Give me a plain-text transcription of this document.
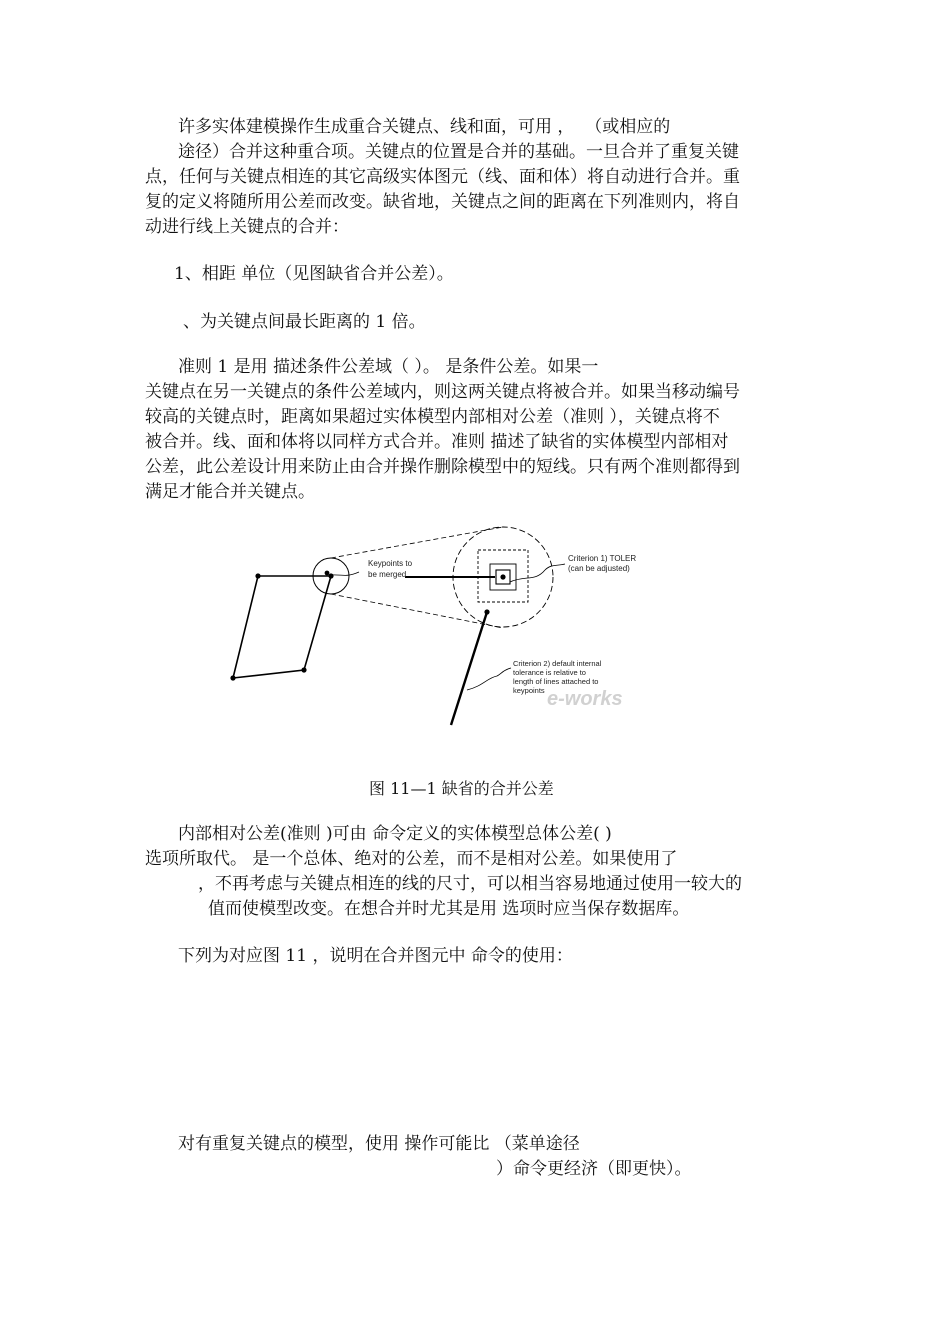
许多实体建模操作生成重合关键点、线和面，可用 ，  （或相应的
途径）合并这种重合项。关键点的位置是合并的基础。一旦合并了重复关键
点，任何与关键点相连的其它高级实体图元（线、面和体）将自动进行合并。重
复的定义将随所用公差而改变。缺省地，关键点之间的距离在下列准则内，将自
动进行线上关键点的合并：
1、相距 单位（见图缺省合并公差）。
、为关键点间最长距离的 1 倍。
准则 1 是用 描述条件公差域（ ）。 是条件公差。如果一
关键点在另一关键点的条件公差域内，则这两关键点将被合并。如果当移动编号
较高的关键点时，距离如果超过实体模型内部相对公差（准则 ），关键点将不
被合并。线、面和体将以同样方式合并。准则 描述了缺省的实体模型内部相对
公差，此公差设计用来防止由合并操作删除模型中的短线。只有两个准则都得到
满足才能合并关键点。
Keypoints to
be merged
Criterion 1) TOLER
(can be adjusted)
Criterion 2) default internal
tolerance is relative to
length of lines attached to
keypoints e-works
图 11—1 缺省的合并公差
内部相对公差(准则 )可由 命令定义的实体模型总体公差( )
选项所取代。 是一个总体、绝对的公差，而不是相对公差。如果使用了
，不再考虑与关键点相连的线的尺寸，可以相当容易地通过使用一较大的
值而使模型改变。在想合并时尤其是用 选项时应当保存数据库。
下列为对应图 11 ，说明在合并图元中 命令的使用：
对有重复关键点的模型，使用 操作可能比 （菜单途径
）命令更经济（即更快）。
